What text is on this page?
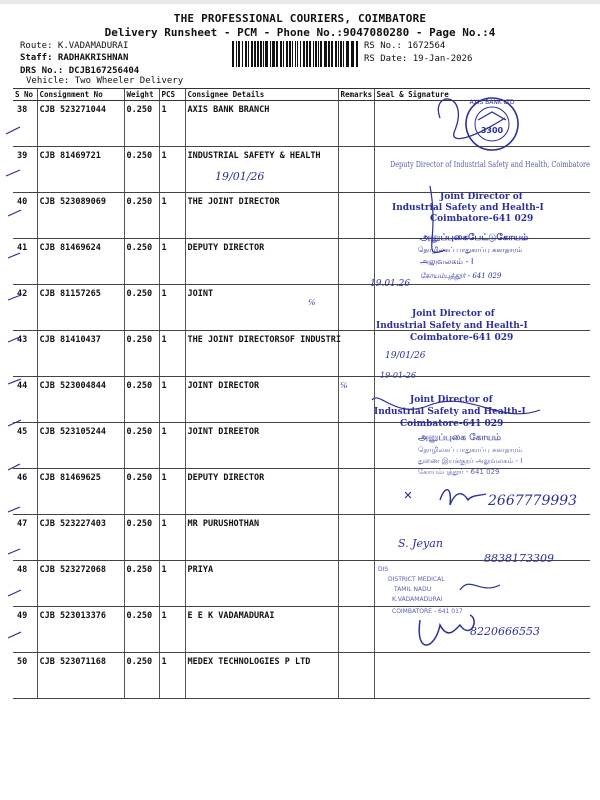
THE PROFESSIONAL COURIERS, COIMBATORE
Delivery Runsheet - PCM - Phone No.:9047080280 - Page No.:4
Route: K.VADAMADURAI
Staff: RADHAKRISHNAN
DRS No.: DCJB167256404
Vehicle: Two Wheeler Delivery
RS No.: 1672564
RS Date: 19-Jan-2026
S No	Consignment No	Weight	PCS	Consignee Details	Remarks	Seal & Signature
38	CJB 523271044	0.250	1	AXIS BANK BRANCH		
39	CJB 81469721	0.250	1	INDUSTRIAL SAFETY & HEALTH		
40	CJB 523089069	0.250	1	THE JOINT DIRECTOR		
41	CJB 81469624	0.250	1	DEPUTY DIRECTOR		
42	CJB 81157265	0.250	1	JOINT		
43	CJB 81410437	0.250	1	THE JOINT DIRECTORSOF INDUSTRI		
44	CJB 523004844	0.250	1	JOINT DIRECTOR		
45	CJB 523105244	0.250	1	JOINT DIREETOR		
46	CJB 81469625	0.250	1	DEPUTY DIRECTOR		
47	CJB 523227403	0.250	1	MR PURUSHOTHAN		
48	CJB 523272068	0.250	1	PRIYA		
49	CJB 523013376	0.250	1	E E K VADAMADURAI		
50	CJB 523071168	0.250	1	MEDEX TECHNOLOGIES P LTD		
AXIS BANK LTD
3300
Deputy Director of Industrial Safety and Health, Coimbatore
19/01/26
Joint Director of
Industrial Safety and Health-I
Coimbatore-641 029
அனுப்புகைபேட்டுகோயம்
தொழிலகப் பாதுகாப்பு சுகாதாரம்
அலுவலகம் - I
19.01.26
கோயம்புத்தூர் - 641 029
Joint Director of
Industrial Safety and Health-I
Coimbatore-641 029
19/01/26
℅
℅
19-01-26
Joint Director of
Industrial Safety and Health-I
Coimbatore-641 029
அனுப்புகை கோயம்
தொழிலகப் பாதுகாப்பு சுகாதாரம்
துணை இயக்குநர் அலுவலகம் - I
கோயம்புத்தூர் - 641 029
2667779993
S. Jeyan
8838173309
DIS
DISTRICT MEDICAL
TAMIL NADU
K.VADAMADURAI
COIMBATORE - 641 017
8220666553
